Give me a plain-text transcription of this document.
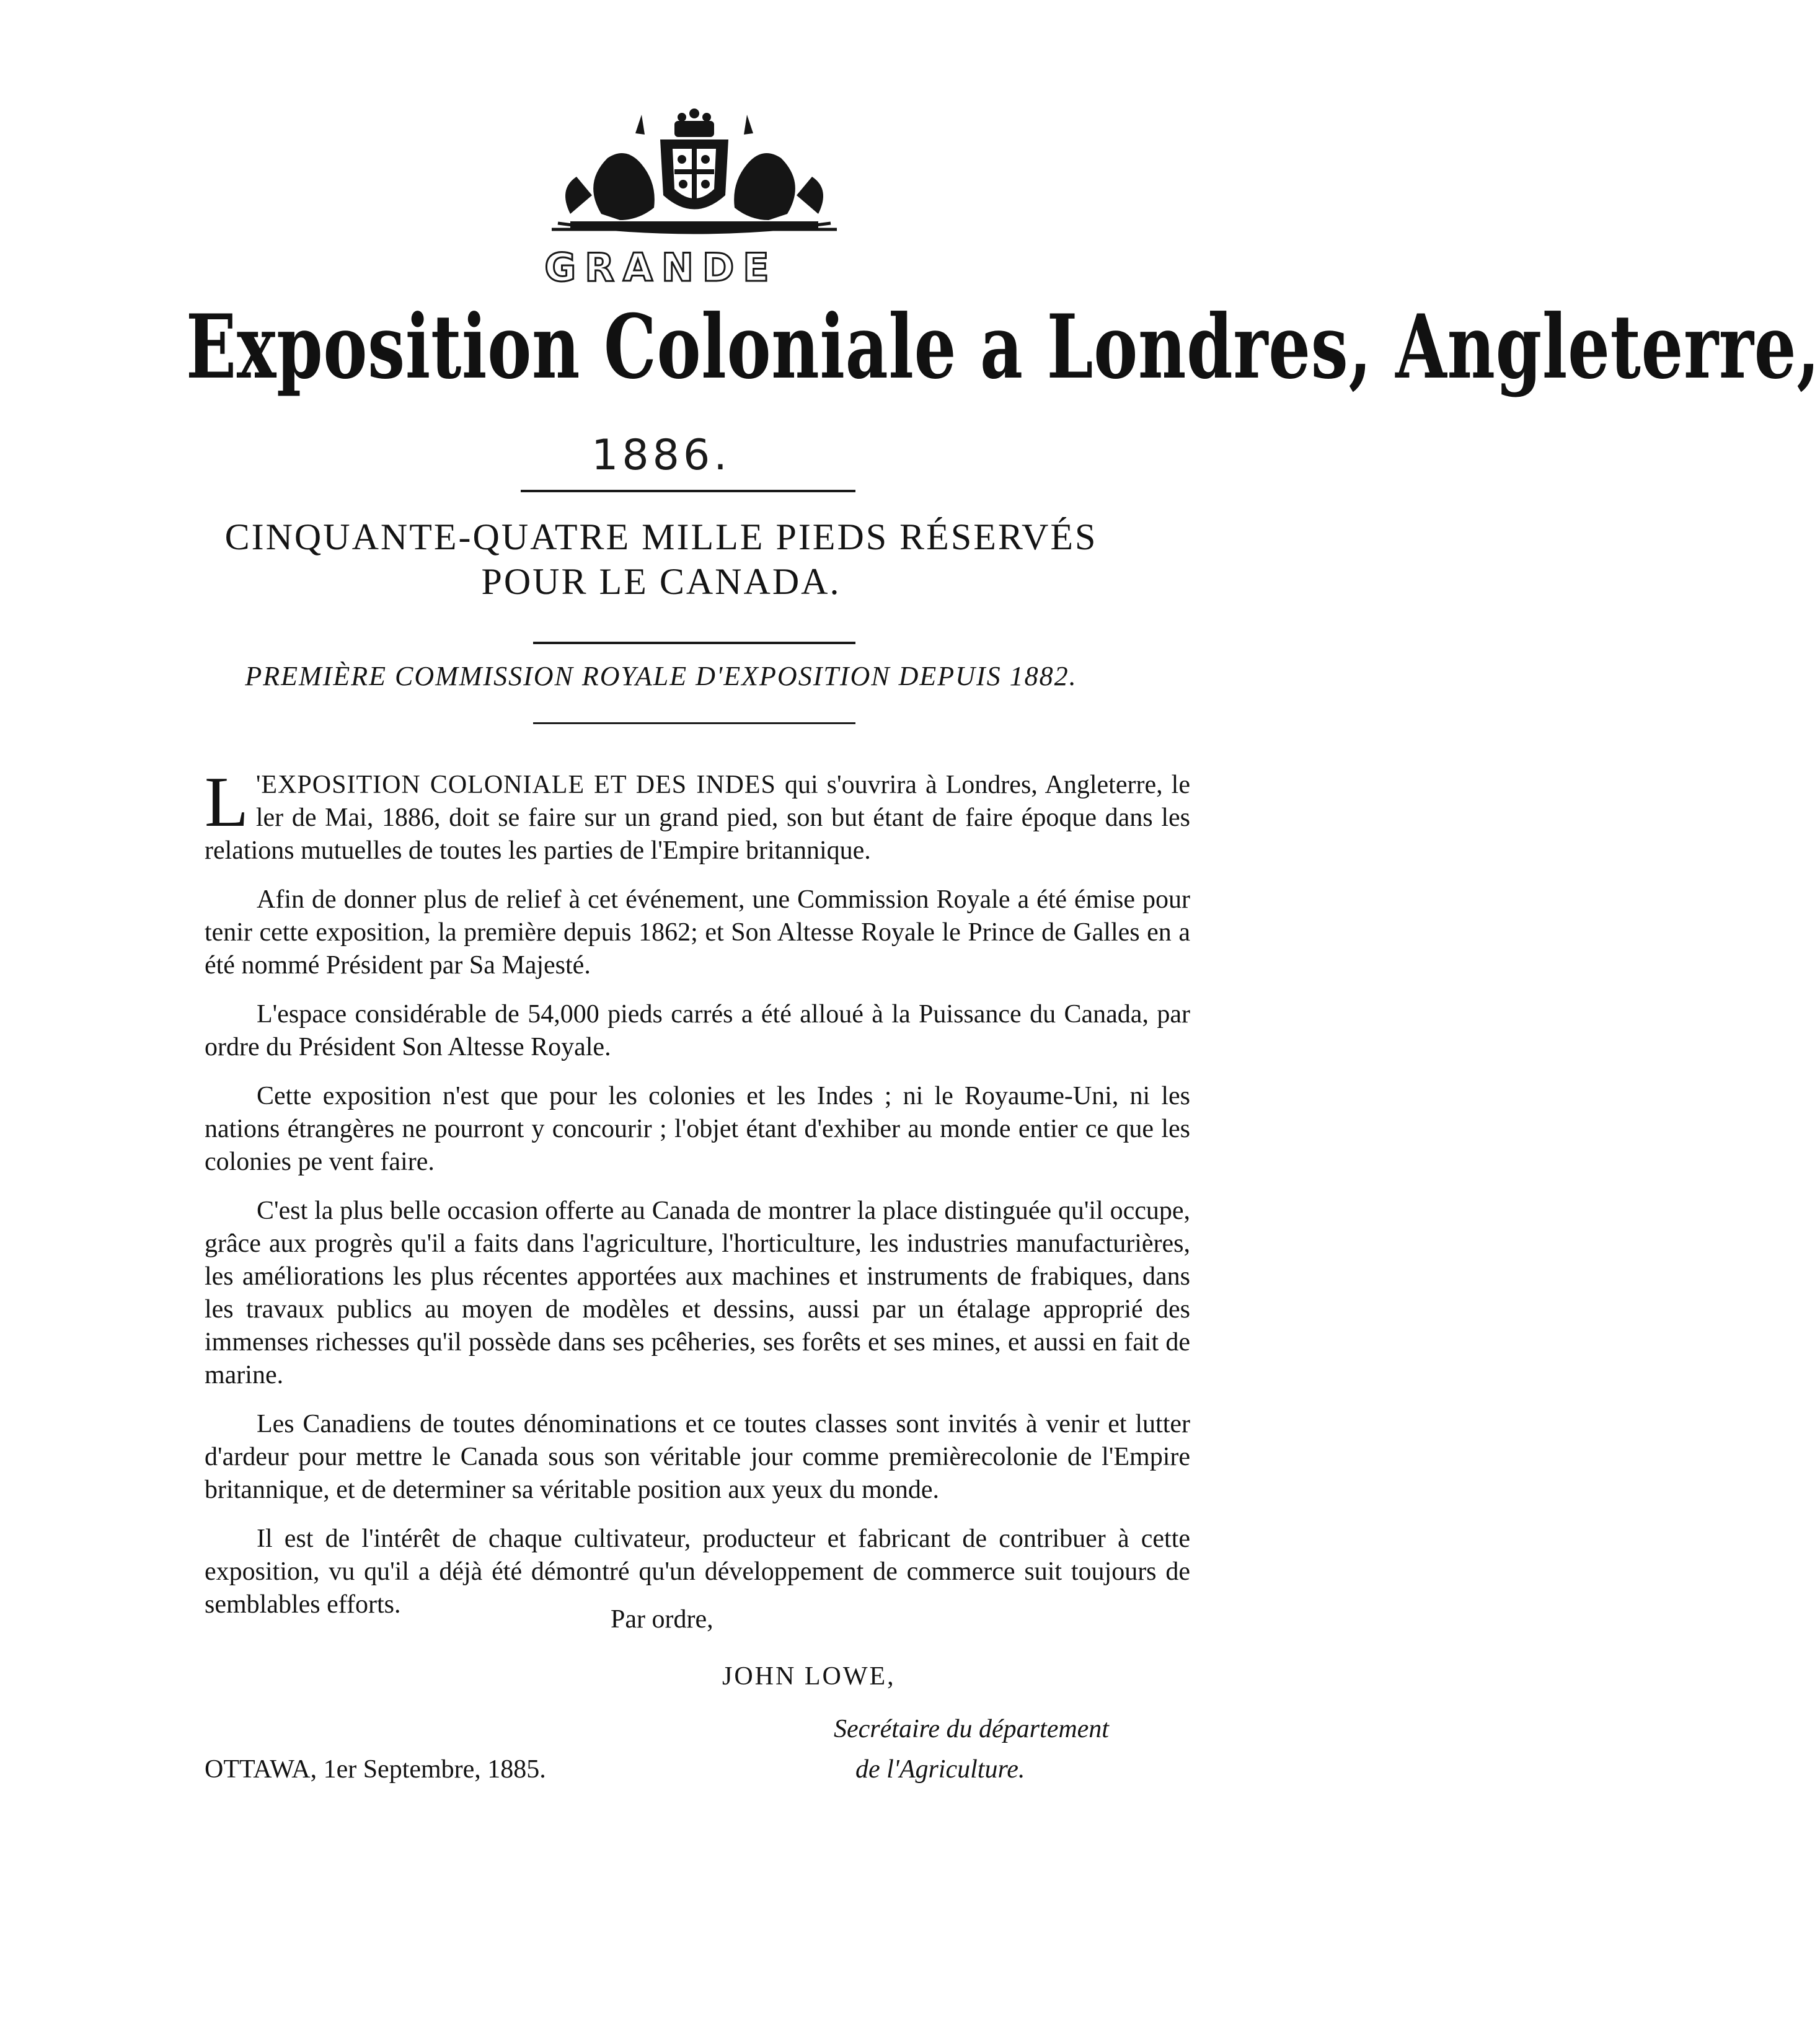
GRANDE
Exposition Coloniale a Londres, Angleterre,
1886.
CINQUANTE-QUATRE MILLE PIEDS RÉSERVÉS
POUR LE CANADA.
PREMIÈRE COMMISSION ROYALE D'EXPOSITION DEPUIS 1882.

L 'EXPOSITION COLONIALE ET DES INDES qui s'ouvrira à Londres, Angleterre, le ler de Mai, 1886, doit se faire sur un grand pied, son but étant de faire époque dans les relations mutuelles de toutes les parties de l'Empire britannique.

Afin de donner plus de relief à cet événement, une Commission Royale a été émise pour tenir cette exposition, la première depuis 1862; et Son Altesse Royale le Prince de Galles en a été nommé Président par Sa Majesté.

L'espace considérable de 54,000 pieds carrés a été alloué à la Puissance du Canada, par ordre du Président Son Altesse Royale.

Cette exposition n'est que pour les colonies et les Indes ; ni le Royaume-Uni, ni les nations étrangères ne pourront y concourir ; l'objet étant d'exhiber au monde entier ce que les colonies pe vent faire.

C'est la plus belle occasion offerte au Canada de montrer la place distinguée qu'il occupe, grâce aux progrès qu'il a faits dans l'agriculture, l'horticulture, les industries manufacturières, les améliorations les plus récentes apportées aux machines et instruments de frabiques, dans les travaux publics au moyen de modèles et dessins, aussi par un étalage approprié des immenses richesses qu'il possède dans ses pcêheries, ses forêts et ses mines, et aussi en fait de marine.

Les Canadiens de toutes dénominations et ce toutes classes sont invités à venir et lutter d'ardeur pour mettre le Canada sous son véritable jour comme premièrecolonie de l'Empire britannique, et de determiner sa véritable position aux yeux du monde.

Il est de l'intérêt de chaque cultivateur, producteur et fabricant de contribuer à cette exposition, vu qu'il a déjà été démontré qu'un développement de commerce suit toujours de semblables efforts.

Par ordre,
JOHN LOWE,
Secrétaire du département
de l'Agriculture.
OTTAWA, 1er Septembre, 1885.
